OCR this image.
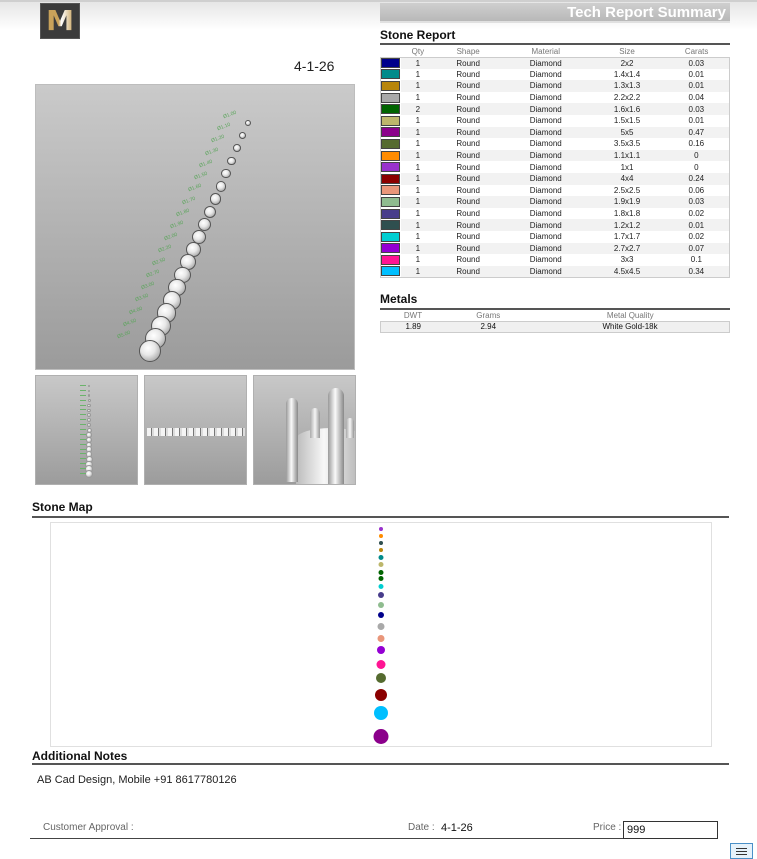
M
4-1-26
Tech Report Summary
Ø1.00
Ø1.10
Ø1.20
Ø1.30
Ø1.40
Ø1.50
Ø1.60
Ø1.70
Ø1.80
Ø1.90
Ø2.00
Ø2.20
Ø2.50
Ø2.70
Ø3.00
Ø3.50
Ø4.00
Ø4.50
Ø5.00
Stone Report
	Qty	Shape	Material	Size	Carats

	1	Round	Diamond	2x2	0.03

	1	Round	Diamond	1.4x1.4	0.01

	1	Round	Diamond	1.3x1.3	0.01

	1	Round	Diamond	2.2x2.2	0.04

	2	Round	Diamond	1.6x1.6	0.03

	1	Round	Diamond	1.5x1.5	0.01

	1	Round	Diamond	5x5	0.47

	1	Round	Diamond	3.5x3.5	0.16

	1	Round	Diamond	1.1x1.1	0

	1	Round	Diamond	1x1	0

	1	Round	Diamond	4x4	0.24

	1	Round	Diamond	2.5x2.5	0.06

	1	Round	Diamond	1.9x1.9	0.03

	1	Round	Diamond	1.8x1.8	0.02

	1	Round	Diamond	1.2x1.2	0.01

	1	Round	Diamond	1.7x1.7	0.02

	1	Round	Diamond	2.7x2.7	0.07

	1	Round	Diamond	3x3	0.1

	1	Round	Diamond	4.5x4.5	0.34
Metals
DWT	Grams	Metal Quality
1.89	2.94	White Gold-18k
Stone Map
Additional Notes
AB Cad Design, Mobile +91 8617780126
Customer Approval :	Date : 4-1-26	Price : 999
